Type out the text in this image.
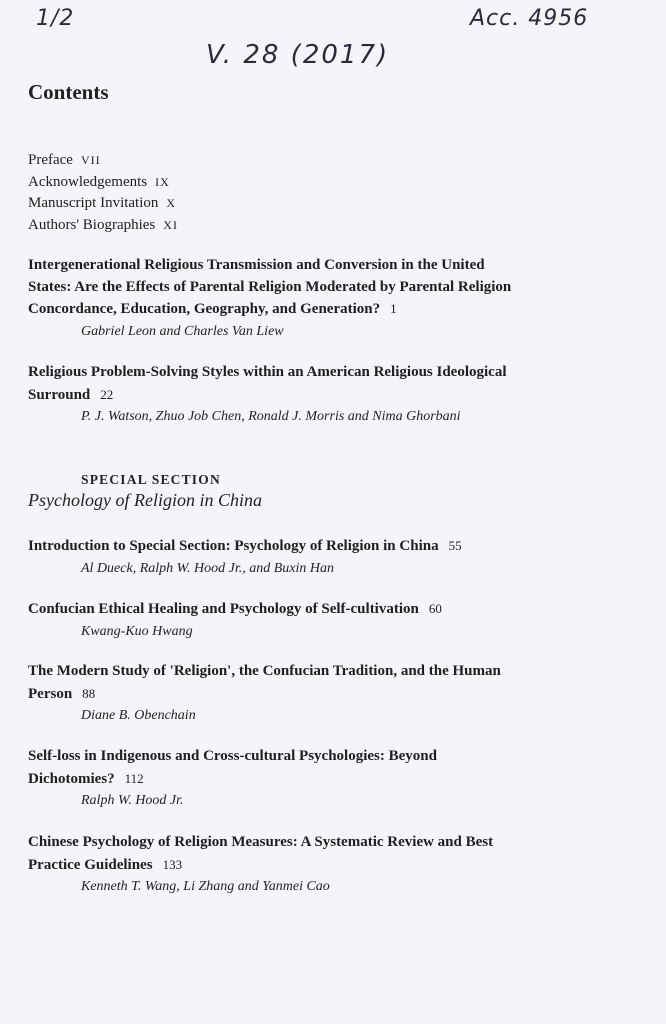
1/2	Acc. 4956
V. 28 (2017)
Contents
Preface VII
Acknowledgements IX
Manuscript Invitation X
Authors' Biographies XI
Intergenerational Religious Transmission and Conversion in the United
States: Are the Effects of Parental Religion Moderated by Parental Religion
Concordance, Education, Geography, and Generation? 1
Gabriel Leon and Charles Van Liew
Religious Problem-Solving Styles within an American Religious Ideological
Surround 22
P. J. Watson, Zhuo Job Chen, Ronald J. Morris and Nima Ghorbani
SPECIAL SECTION
Psychology of Religion in China
Introduction to Special Section: Psychology of Religion in China 55
Al Dueck, Ralph W. Hood Jr., and Buxin Han
Confucian Ethical Healing and Psychology of Self-cultivation 60
Kwang-Kuo Hwang
The Modern Study of 'Religion', the Confucian Tradition, and the Human
Person 88
Diane B. Obenchain
Self-loss in Indigenous and Cross-cultural Psychologies: Beyond
Dichotomies? 112
Ralph W. Hood Jr.
Chinese Psychology of Religion Measures: A Systematic Review and Best
Practice Guidelines 133
Kenneth T. Wang, Li Zhang and Yanmei Cao
